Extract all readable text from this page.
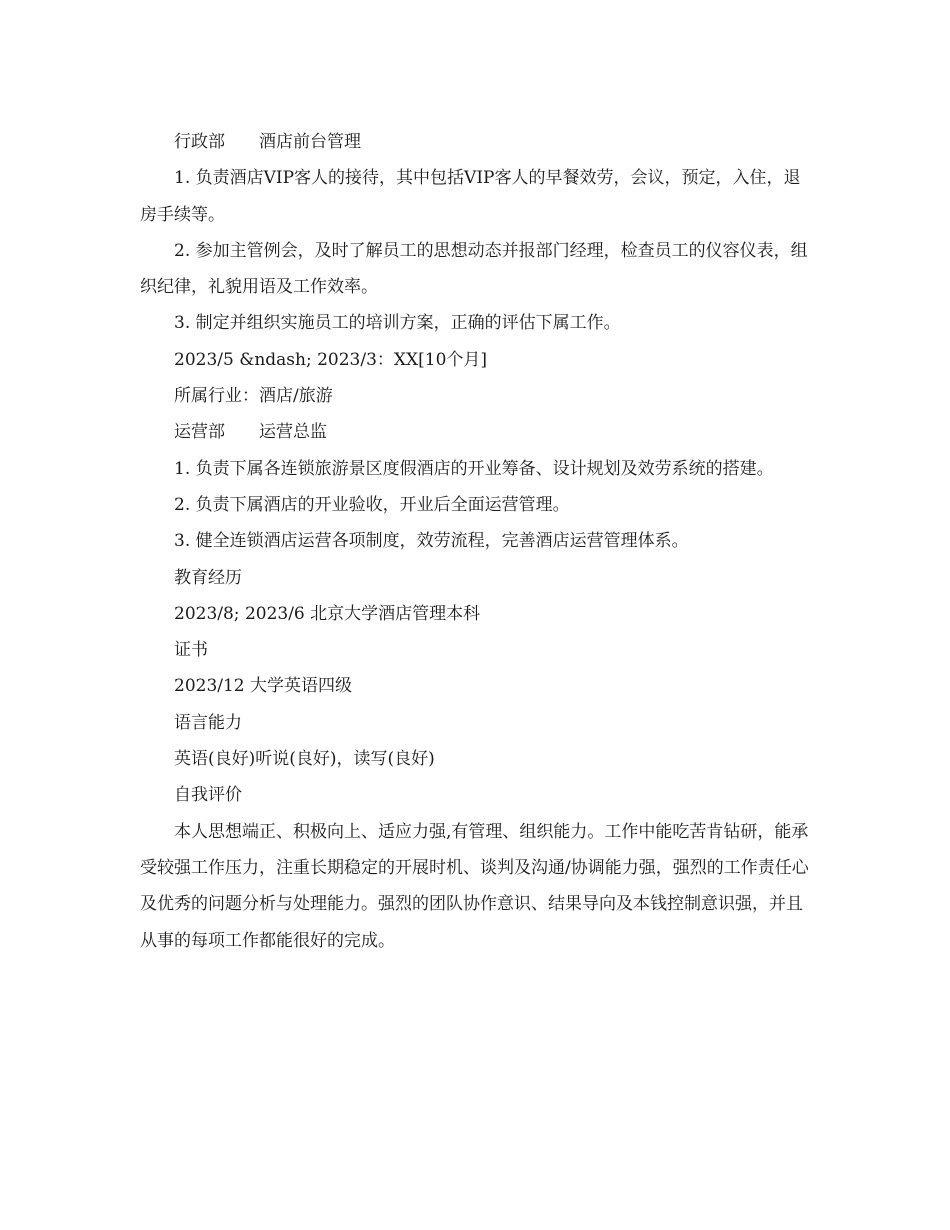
行政部　　酒店前台管理

1. 负责酒店VIP客人的接待，其中包括VIP客人的早餐效劳，会议，预定，入住，退房手续等。

2. 参加主管例会，及时了解员工的思想动态并报部门经理，检查员工的仪容仪表，组织纪律，礼貌用语及工作效率。

3. 制定并组织实施员工的培训方案，正确的评估下属工作。

2023/5 &ndash; 2023/3：XX[10个月]

所属行业：酒店/旅游

运营部　　运营总监

1. 负责下属各连锁旅游景区度假酒店的开业筹备、设计规划及效劳系统的搭建。

2. 负责下属酒店的开业验收，开业后全面运营管理。

3. 健全连锁酒店运营各项制度，效劳流程，完善酒店运营管理体系。

教育经历

2023/8; 2023/6 北京大学酒店管理本科

证书

2023/12 大学英语四级

语言能力

英语(良好)听说(良好)，读写(良好)

自我评价

本人思想端正、积极向上、适应力强,有管理、组织能力。工作中能吃苦肯钻研，能承受较强工作压力，注重长期稳定的开展时机、谈判及沟通/协调能力强，强烈的工作责任心及优秀的问题分析与处理能力。强烈的团队协作意识、结果导向及本钱控制意识强，并且从事的每项工作都能很好的完成。
